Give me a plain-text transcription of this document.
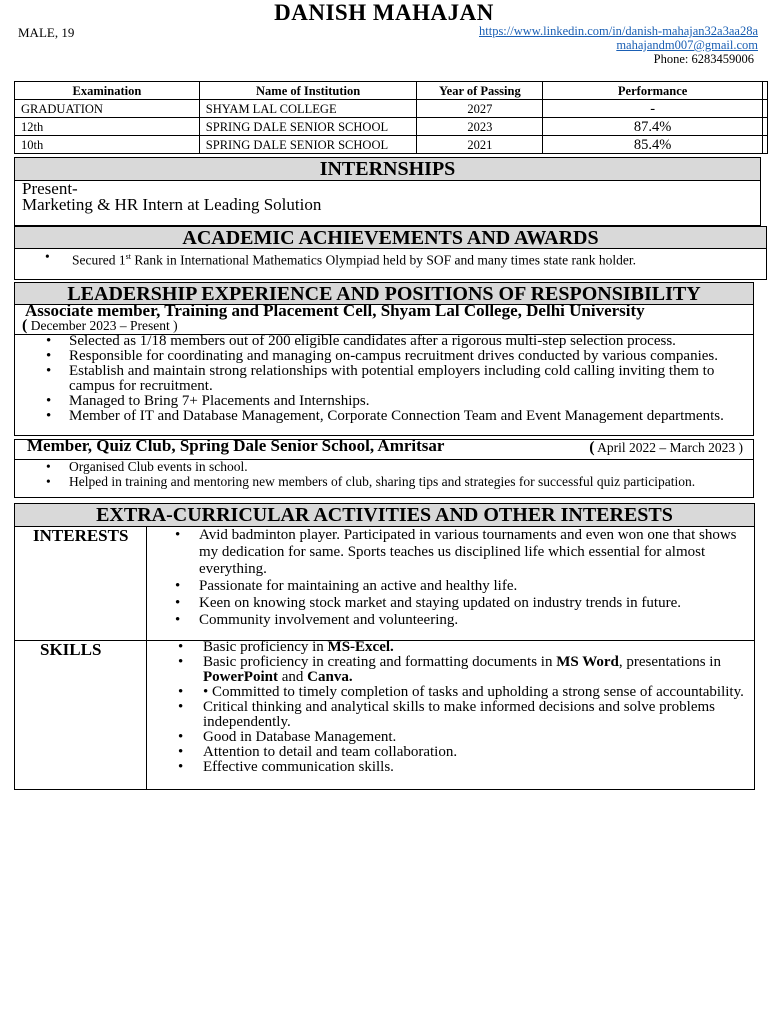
DANISH MAHAJAN
MALE, 19	https://www.linkedin.com/in/danish-mahajan32a3aa28a
mahajandm007@gmail.com
Phone: 6283459006
Examination	Name of Institution	Year of Passing	Performance	
GRADUATION	SHYAM LAL COLLEGE	2027	-	
12th	SPRING DALE SENIOR SCHOOL	2023	87.4%	
10th	SPRING DALE SENIOR SCHOOL	2021	85.4%	
INTERNSHIPS
Present-
Marketing & HR Intern at Leading Solution
ACADEMIC ACHIEVEMENTS AND AWARDS
• Secured 1st Rank in International Mathematics Olympiad held by SOF and many times state rank holder.
LEADERSHIP EXPERIENCE AND POSITIONS OF RESPONSIBILITY
Associate member, Training and Placement Cell, Shyam Lal College, Delhi University
( December 2023 – Present )
• Selected as 1/18 members out of 200 eligible candidates after a rigorous multi-step selection process.
• Responsible for coordinating and managing on-campus recruitment drives conducted by various companies.
• Establish and maintain strong relationships with potential employers including cold calling inviting them to campus for recruitment.
• Managed to Bring 7+ Placements and Internships.
• Member of IT and Database Management, Corporate Connection Team and Event Management departments.
Member, Quiz Club, Spring Dale Senior School, Amritsar	( April 2022 – March 2023 )
• Organised Club events in school.
• Helped in training and mentoring new members of club, sharing tips and strategies for successful quiz participation.
EXTRA-CURRICULAR ACTIVITIES AND OTHER INTERESTS
INTERESTS	• Avid badminton player. Participated in various tournaments and even won one that shows my dedication for same. Sports teaches us disciplined life which essential for almost everything.
• Passionate for maintaining an active and healthy life.
• Keen on knowing stock market and staying updated on industry trends in future.
• Community involvement and volunteering.
SKILLS	• Basic proficiency in MS-Excel.
• Basic proficiency in creating and formatting documents in MS Word, presentations in PowerPoint and Canva.
• • Committed to timely completion of tasks and upholding a strong sense of accountability.
• Critical thinking and analytical skills to make informed decisions and solve problems independently.
• Good in Database Management.
• Attention to detail and team collaboration.
• Effective communication skills.
